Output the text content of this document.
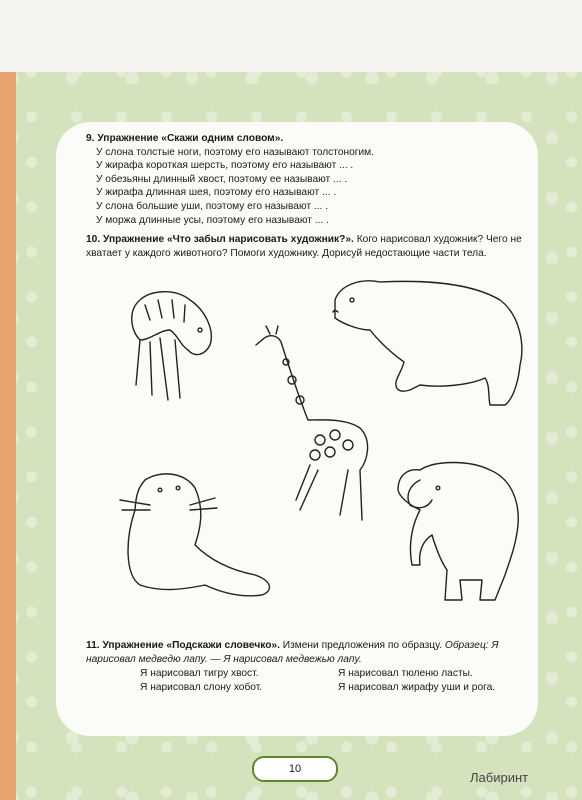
9. Упражнение «Скажи одним словом».
У слона толстые ноги, поэтому его называют толстоногим.
У жирафа короткая шерсть, поэтому его называют ... .
У обезьяны длинный хвост, поэтому ее называют ... .
У жирафа длинная шея, поэтому его называют ... .
У слона большие уши, поэтому его называют ... .
У моржа длинные усы, поэтому его называют ... .
10. Упражнение «Что забыл нарисовать художник?». Кого нарисовал художник? Чего не хватает у каждого животного? Помоги художнику. Дорисуй недостающие части тела.
11. Упражнение «Подскажи словечко». Измени предложения по образцу. Образец: Я нарисовал медведю лапу. — Я нарисовал медвежью лапу.
Я нарисовал тигру хвост.
Я нарисовал слону хобот.
Я нарисовал тюленю ласты.
Я нарисовал жирафу уши и рога.
10
Лабиринт
